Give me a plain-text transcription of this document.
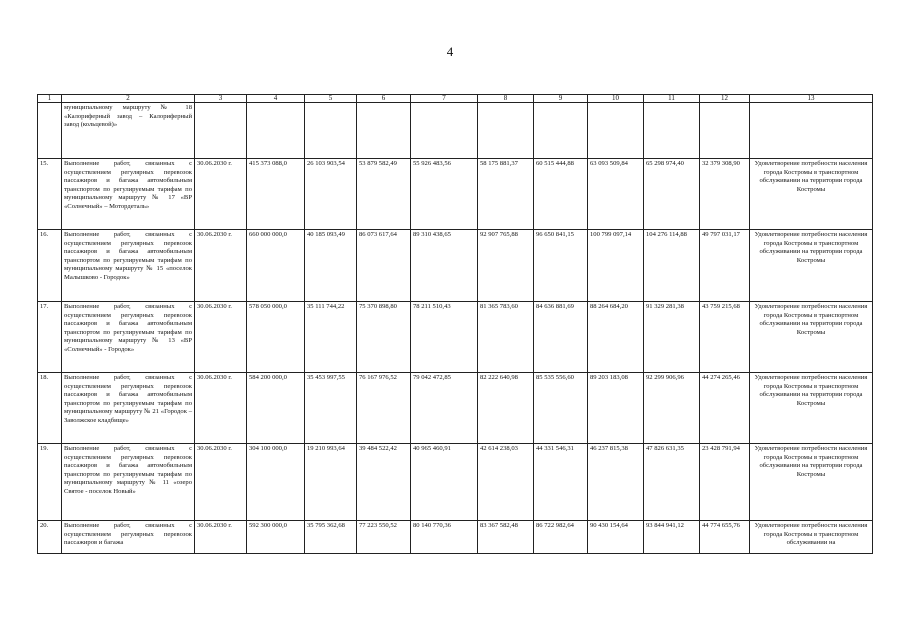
4
1	2	3	4	5	6	7	8	9	10	11	12	13
	муниципальному маршруту № 18 «Калориферный завод – Калориферный завод (кольцевой)»											
15.	Выполнение работ, связанных с осуществлением регулярных перевозок пассажиров и багажа автомобильным транспортом по регулируемым тарифам по муниципальному маршруту № 17 «ВР «Солнечный» – Мотордеталь»	30.06.2030 г.	415 373 088,0	26 103 903,54	53 879 582,49	55 926 483,56	58 175 881,37	60 515 444,88	63 093 509,84	65 298 974,40	32 379 308,90	Удовлетворение потребности населения города Костромы в транспортном обслуживании на территории города Костромы
16.	Выполнение работ, связанных с осуществлением регулярных перевозок пассажиров и багажа автомобильным транспортом по регулируемым тарифам по муниципальному маршруту № 15 «поселок Малышково - Городок»	30.06.2030 г.	660 000 000,0	40 185 093,49	86 073 617,64	89 310 438,65	92 907 765,88	96 650 841,15	100 799 097,14	104 276 114,88	49 797 031,17	Удовлетворение потребности населения города Костромы в транспортном обслуживании на территории города Костромы
17.	Выполнение работ, связанных с осуществлением регулярных перевозок пассажиров и багажа автомобильным транспортом по регулируемым тарифам по муниципальному маршруту № 13 «ВР «Солнечный» - Городок»	30.06.2030 г.	578 050 000,0	35 111 744,22	75 370 898,80	78 211 510,43	81 365 783,60	84 636 881,69	88 264 684,20	91 329 281,38	43 759 215,68	Удовлетворение потребности населения города Костромы в транспортном обслуживании на территории города Костромы
18.	Выполнение работ, связанных с осуществлением регулярных перевозок пассажиров и багажа автомобильным транспортом по регулируемым тарифам по муниципальному маршруту № 21 «Городок – Заволжское кладбище»	30.06.2030 г.	584 200 000,0	35 453 997,55	76 167 976,52	79 042 472,85	82 222 640,98	85 535 556,60	89 203 183,08	92 299 906,96	44 274 265,46	Удовлетворение потребности населения города Костромы в транспортном обслуживании на территории города Костромы
19.	Выполнение работ, связанных с осуществлением регулярных перевозок пассажиров и багажа автомобильным транспортом по регулируемым тарифам по муниципальному маршруту № 11 «озеро Святое - поселок Новый»	30.06.2030 г.	304 100 000,0	19 210 993,64	39 484 522,42	40 965 460,91	42 614 238,03	44 331 546,31	46 237 815,38	47 826 631,35	23 428 791,94	Удовлетворение потребности населения города Костромы в транспортном обслуживании на территории города Костромы
20.	Выполнение работ, связанных с осуществлением регулярных перевозок пассажиров и багажа	30.06.2030 г.	592 300 000,0	35 795 362,68	77 223 550,52	80 140 770,36	83 367 582,48	86 722 982,64	90 430 154,64	93 844 941,12	44 774 655,76	Удовлетворение потребности населения города Костромы в транспортном обслуживании на
